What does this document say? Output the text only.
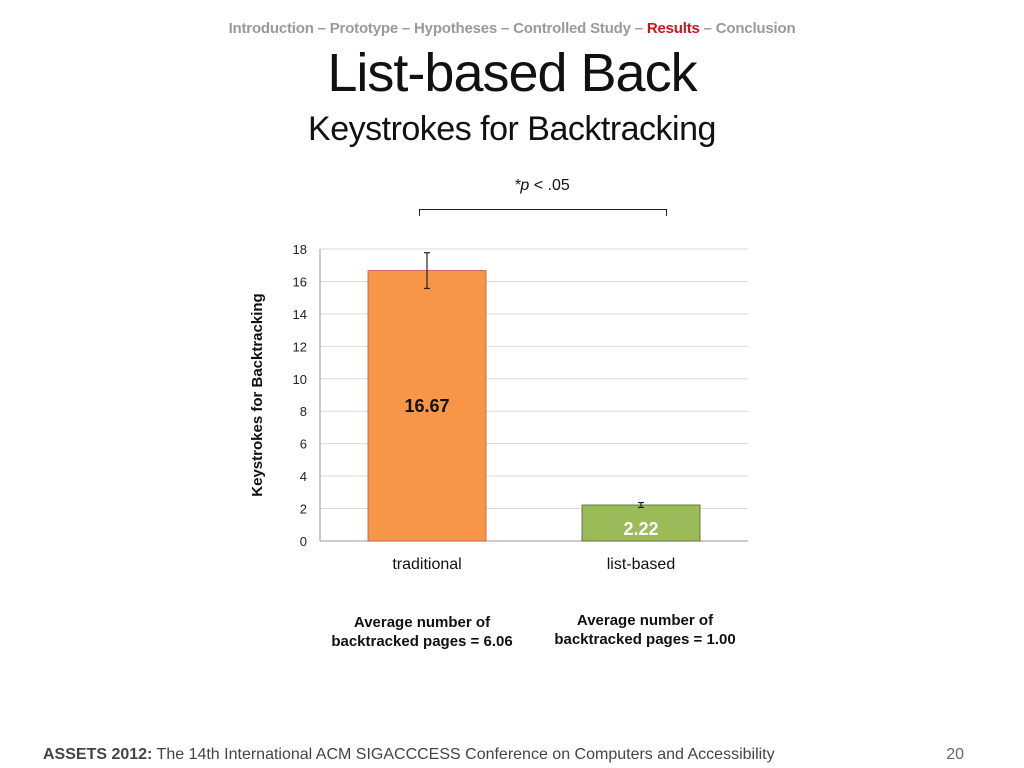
Introduction – Prototype – Hypotheses – Controlled Study – Results – Conclusion
List-based Back
Keystrokes for Backtracking
*p < .05
0
2
4
6
8
10
12
14
16
18
Keystrokes for Backtracking	16.67
traditional
2.22
list-based
Average number of backtracked pages = 6.06
Average number of backtracked pages = 1.00
ASSETS 2012: The 14th International ACM SIGACCCESS Conference on Computers and Accessibility	20
